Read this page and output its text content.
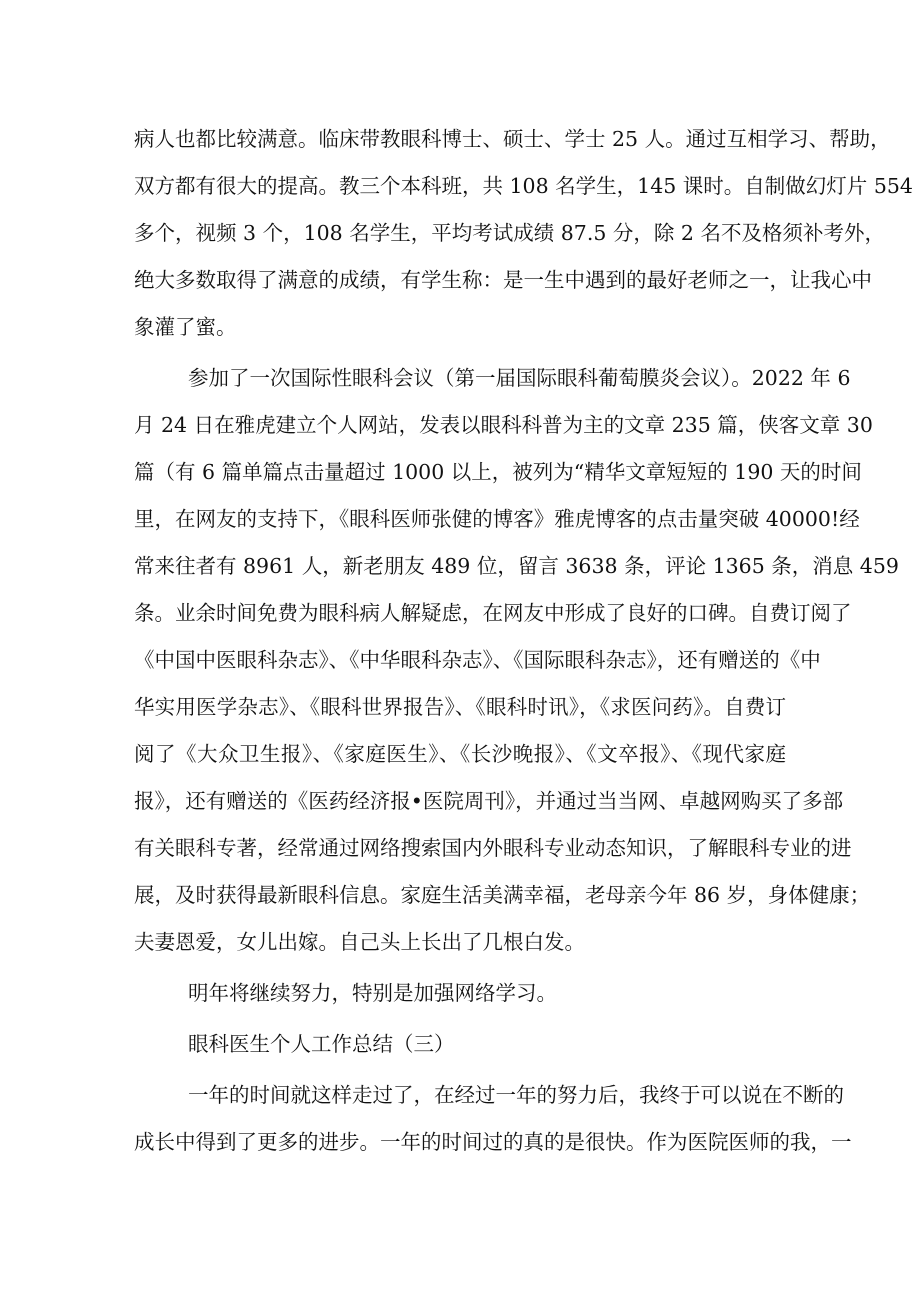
病人也都比较满意。临床带教眼科博士、硕士、学士 25 人。通过互相学习、帮助，
双方都有很大的提高。教三个本科班，共 108 名学生，145 课时。自制做幻灯片 554
多个，视频 3 个，108 名学生，平均考试成绩 87.5 分，除 2 名不及格须补考外，
绝大多数取得了满意的成绩，有学生称：是一生中遇到的最好老师之一，让我心中
象灌了蜜。
参加了一次国际性眼科会议（第一届国际眼科葡萄膜炎会议）。2022 年 6
月 24 日在雅虎建立个人网站，发表以眼科科普为主的文章 235 篇，侠客文章 30
篇（有 6 篇单篇点击量超过 1000 以上，被列为“精华文章短短的 190 天的时间
里，在网友的支持下，《眼科医师张健的博客》雅虎博客的点击量突破 40000!经
常来往者有 8961 人，新老朋友 489 位，留言 3638 条，评论 1365 条，消息 459
条。业余时间免费为眼科病人解疑虑，在网友中形成了良好的口碑。自费订阅了
《中国中医眼科杂志》、《中华眼科杂志》、《国际眼科杂志》，还有赠送的《中
华实用医学杂志》、《眼科世界报告》、《眼科时讯》，《求医问药》。自费订
阅了《大众卫生报》、《家庭医生》、《长沙晚报》、《文卒报》、《现代家庭
报》，还有赠送的《医药经济报•医院周刊》，并通过当当网、卓越网购买了多部
有关眼科专著，经常通过网络搜索国内外眼科专业动态知识，了解眼科专业的进
展，及时获得最新眼科信息。家庭生活美满幸福，老母亲今年 86 岁，身体健康；
夫妻恩爱，女儿出嫁。自己头上长出了几根白发。
明年将继续努力，特别是加强网络学习。
眼科医生个人工作总结（三）
一年的时间就这样走过了，在经过一年的努力后，我终于可以说在不断的
成长中得到了更多的进步。一年的时间过的真的是很快。作为医院医师的我，一
